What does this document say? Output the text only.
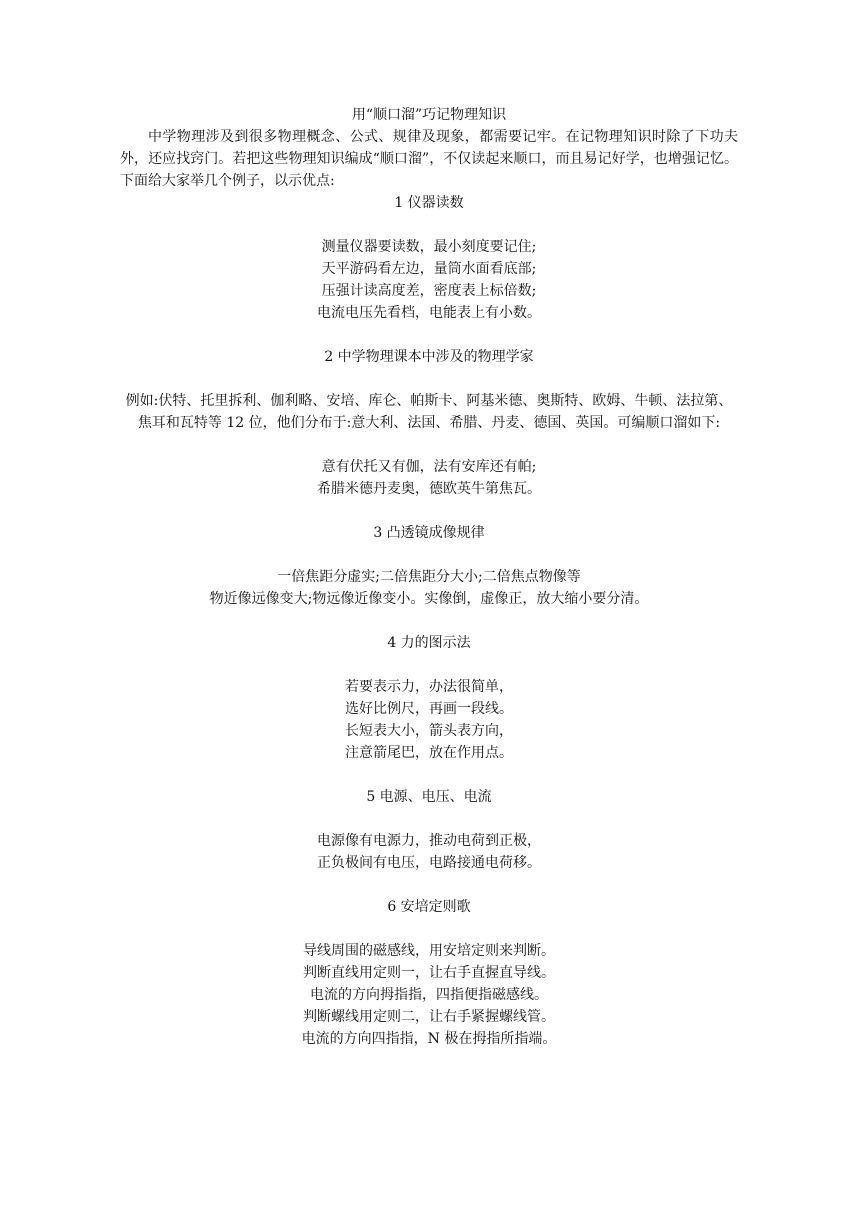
用“顺口溜”巧记物理知识

中学物理涉及到很多物理概念、公式、规律及现象，都需要记牢。在记物理知识时除了下功夫外，还应找窍门。若把这些物理知识编成“顺口溜”，不仅读起来顺口，而且易记好学，也增强记忆。下面给大家举几个例子，以示优点:

1 仪器读数
测量仪器要读数，最小刻度要记住;
天平游码看左边，量筒水面看底部;
压强计读高度差，密度表上标倍数;
电流电压先看档，电能表上有小数。
2 中学物理课本中涉及的物理学家

例如:伏特、托里拆利、伽利略、安培、库仑、帕斯卡、阿基米德、奥斯特、欧姆、牛顿、法拉第、焦耳和瓦特等 12 位，他们分布于:意大利、法国、希腊、丹麦、德国、英国。可编顺口溜如下:

意有伏托又有伽，法有安库还有帕;
希腊米德丹麦奥，德欧英牛第焦瓦。
3 凸透镜成像规律
一倍焦距分虚实;二倍焦距分大小;二倍焦点物像等
物近像远像变大;物远像近像变小。实像倒，虚像正，放大缩小要分清。
4 力的图示法
若要表示力，办法很简单，
选好比例尺，再画一段线。
长短表大小，箭头表方向，
注意箭尾巴，放在作用点。
5 电源、电压、电流
电源像有电源力，推动电荷到正极，
正负极间有电压，电路接通电荷移。
6 安培定则歌
导线周围的磁感线，用安培定则来判断。
判断直线用定则一，让右手直握直导线。
电流的方向拇指指，四指便指磁感线。
判断螺线用定则二，让右手紧握螺线管。
电流的方向四指指，N 极在拇指所指端。
